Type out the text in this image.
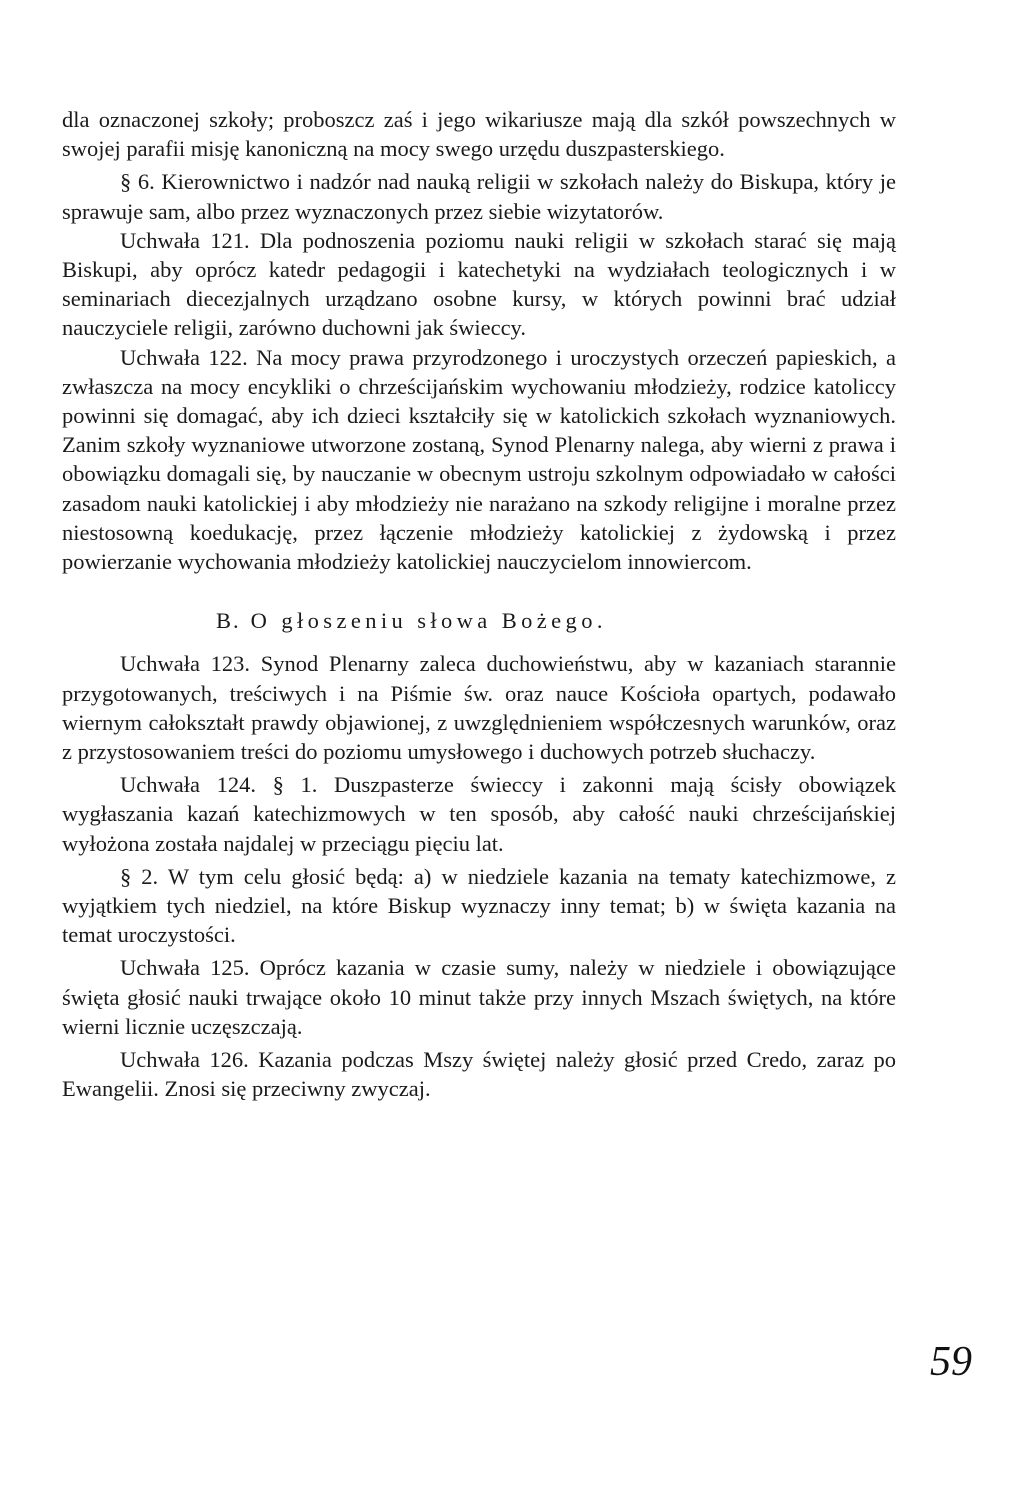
dla oznaczonej szkoły; proboszcz zaś i jego wikariusze mają dla szkół powszechnych w swojej parafii misję kanoniczną na mocy swego urzędu duszpasterskiego.

§ 6. Kierownictwo i nadzór nad nauką religii w szkołach należy do Biskupa, który je sprawuje sam, albo przez wyznaczonych przez siebie wizytatorów.

Uchwała 121. Dla podnoszenia poziomu nauki religii w szkołach starać się mają Biskupi, aby oprócz katedr pedagogii i katechetyki na wydziałach teologicznych i w seminariach diecezjalnych urządzano osobne kursy, w których powinni brać udział nauczyciele religii, zarówno duchowni jak świeccy.

Uchwała 122. Na mocy prawa przyrodzonego i uroczystych orzeczeń papieskich, a zwłaszcza na mocy encykliki o chrześcijańskim wychowaniu młodzieży, rodzice katoliccy powinni się domagać, aby ich dzieci kształciły się w katolickich szkołach wyznaniowych. Zanim szkoły wyznaniowe utworzone zostaną, Synod Plenarny nalega, aby wierni z prawa i obowiązku domagali się, by nauczanie w obecnym ustroju szkolnym odpowiadało w całości zasadom nauki katolickiej i aby młodzieży nie narażano na szkody religijne i moralne przez niestosowną koedukację, przez łączenie młodzieży katolickiej z żydowską i przez powierzanie wychowania młodzieży katolickiej nauczycielom innowiercom.

B. O głoszeniu słowa Bożego.

Uchwała 123. Synod Plenarny zaleca duchowieństwu, aby w kazaniach starannie przygotowanych, treściwych i na Piśmie św. oraz nauce Kościoła opartych, podawało wiernym całokształt prawdy objawionej, z uwzględnieniem współczesnych warunków, oraz z przystosowaniem treści do poziomu umysłowego i duchowych potrzeb słuchaczy.

Uchwała 124. § 1. Duszpasterze świeccy i zakonni mają ścisły obowiązek wygłaszania kazań katechizmowych w ten sposób, aby całość nauki chrześcijańskiej wyłożona została najdalej w przeciągu pięciu lat.

§ 2. W tym celu głosić będą: a) w niedziele kazania na tematy katechizmowe, z wyjątkiem tych niedziel, na które Biskup wyznaczy inny temat; b) w święta kazania na temat uroczystości.

Uchwała 125. Oprócz kazania w czasie sumy, należy w niedziele i obowiązujące święta głosić nauki trwające około 10 minut także przy innych Mszach świętych, na które wierni licznie uczęszczają.

Uchwała 126. Kazania podczas Mszy świętej należy głosić przed Credo, zaraz po Ewangelii. Znosi się przeciwny zwyczaj.

59
